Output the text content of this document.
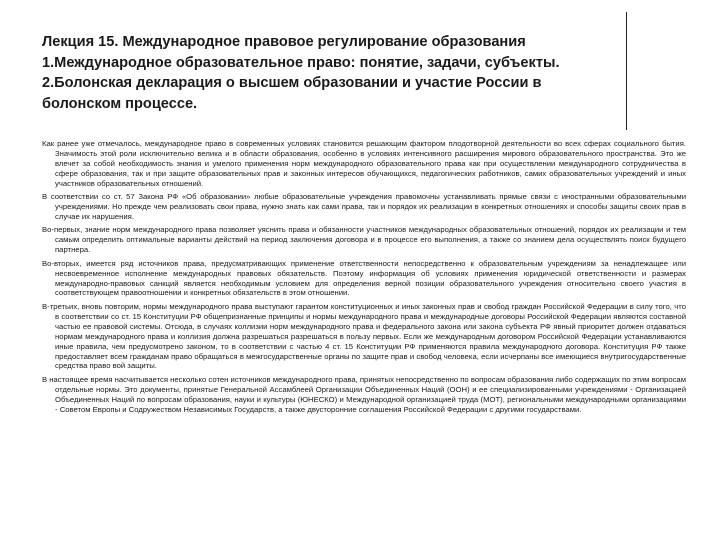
Лекция 15. Международное правовое регулирование образования
1.Международное образовательное право: понятие, задачи, субъекты.
2.Болонская декларация о высшем образовании и участие России в
болонском процессе.

Как ранее уже отмечалось, международное право в современных условиях становится решающим фактором плодотворной деятельности во всех сферах социального бытия. Значимость этой роли исключительно велика и в области образования, особенно в условиях интенсивного расширения мирового образовательного пространства. Это же влечет за собой необходимость знания и умелого применения норм международного образовательного права как при осуществлении международного сотрудничества в сфере образования, так и при защите образовательных прав и законных интересов обучающихся, педагогических работников, самих образовательных учреждений и иных участников образовательных отношений.

В соответствии со ст. 57 Закона РФ «Об образовании» любые образовательные учреждения правомочны устанавливать прямые связи с иностранными образовательными учреждениями. Но прежде чем реализовать свои права, нужно знать как сами права, так и порядок их реализации в конкретных отношениях и способы защиты своих прав в случае их нарушения.

Во-первых, знание норм международного права позволяет уяснить права и обязанности участников международных образовательных отношений, порядок их реализации и тем самым определить оптимальные варианты действий на период заключения договора и в процессе его выполнения, а также со знанием дела осуществлять поиск будущего партнера.

Во-вторых, имеется ряд источников права, предусматривающих применение ответственности непосредственно к образовательным учреждениям за ненадлежащее или несвоевременное исполнение международных правовых обязательств. Поэтому информация об условиях применения юридической ответственности и размерах международно-правовых санкций является необходимым условием для определения верной позиции образовательного учреждения относительно своего участия в соответствующем правоотношении и конкретных обязательств в этом отношении.

В-третьих, вновь повторим, нормы международного права выступают гарантом конституционных и иных законных прав и свобод граждан Российской Федерации в силу того, что в соответствии со ст. 15 Конституции РФ общепризнанные принципы и нормы международного права и международные договоры Российской Федерации являются составной частью ее правовой системы. Отсюда, в случаях коллизии норм международного права и федерального закона или закона субъекта РФ явный приоритет должен отдаваться нормам международного права и коллизия должна разрешаться разрешаться в пользу первых. Если же международным договором Российской Федерации устанавливаются иные правила, чем предусмотрено законом, то в соответствии с частью 4 ст. 15 Конституции РФ применяются правила международного договора. Конституция РФ также предоставляет всем гражданам право обращаться в межгосударственные органы по защите прав и свобод человека, если исчерпаны все имеющиеся внутригосударственные средства право вой защиты.

В настоящее время насчитывается несколько сотен источников международного права, принятых непосредственно по вопросам образования либо содержащих по этим вопросам отдельные нормы. Это документы, принятые Генеральной Ассамблеей Организации Объединенных Наций (ООН) и ее специализированными учреждениями - Организацией Объединенных Наций по вопросам образования, науки и культуры (ЮНЕСКО) и Международной организацией труда (МОТ), региональными международными организациями - Советом Европы и Содружеством Независимых Государств, а также двусторонние соглашения Российской Федерации с другими государствами.
